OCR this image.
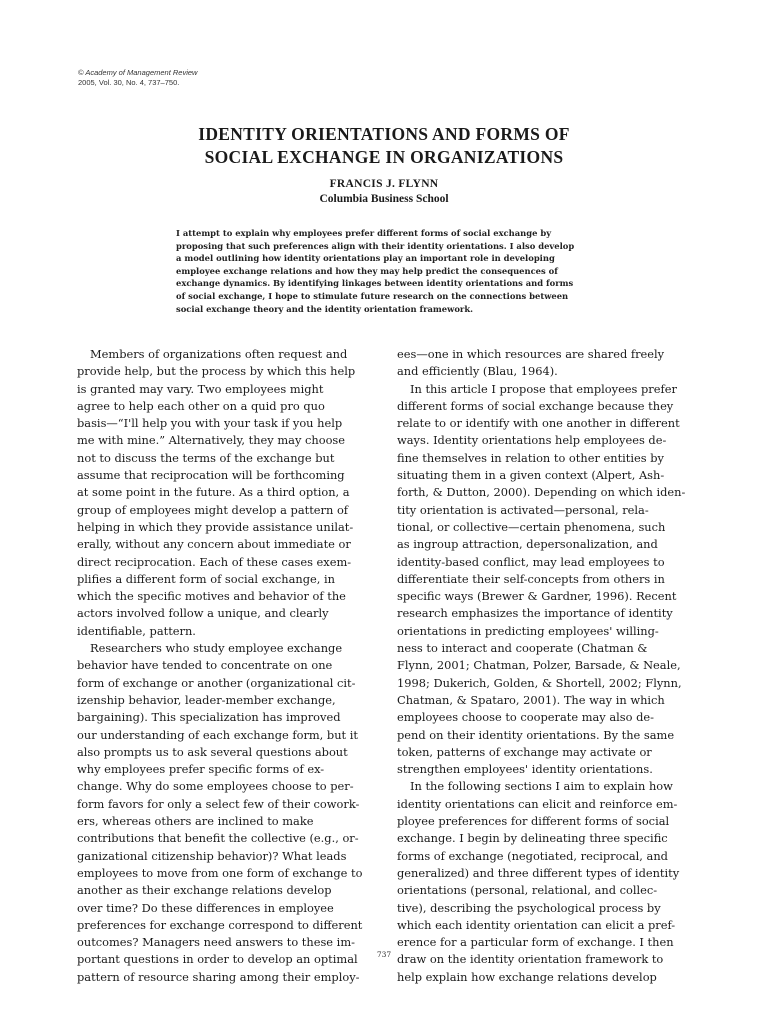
© Academy of Management Review
2005, Vol. 30, No. 4, 737–750.
IDENTITY ORIENTATIONS AND FORMS OF
SOCIAL EXCHANGE IN ORGANIZATIONS
FRANCIS J. FLYNN
Columbia Business School
I attempt to explain why employees prefer different forms of social exchange by
proposing that such preferences align with their identity orientations. I also develop
a model outlining how identity orientations play an important role in developing
employee exchange relations and how they may help predict the consequences of
exchange dynamics. By identifying linkages between identity orientations and forms
of social exchange, I hope to stimulate future research on the connections between
social exchange theory and the identity orientation framework.
Members of organizations often request and
provide help, but the process by which this help
is granted may vary. Two employees might
agree to help each other on a quid pro quo
basis—“I'll help you with your task if you help
me with mine.” Alternatively, they may choose
not to discuss the terms of the exchange but
assume that reciprocation will be forthcoming
at some point in the future. As a third option, a
group of employees might develop a pattern of
helping in which they provide assistance unilat-
erally, without any concern about immediate or
direct reciprocation. Each of these cases exem-
plifies a different form of social exchange, in
which the specific motives and behavior of the
actors involved follow a unique, and clearly
identifiable, pattern.
Researchers who study employee exchange
behavior have tended to concentrate on one
form of exchange or another (organizational cit-
izenship behavior, leader-member exchange,
bargaining). This specialization has improved
our understanding of each exchange form, but it
also prompts us to ask several questions about
why employees prefer specific forms of ex-
change. Why do some employees choose to per-
form favors for only a select few of their cowork-
ers, whereas others are inclined to make
contributions that benefit the collective (e.g., or-
ganizational citizenship behavior)? What leads
employees to move from one form of exchange to
another as their exchange relations develop
over time? Do these differences in employee
preferences for exchange correspond to different
outcomes? Managers need answers to these im-
portant questions in order to develop an optimal
pattern of resource sharing among their employ-
ees—one in which resources are shared freely
and efficiently (Blau, 1964).
In this article I propose that employees prefer
different forms of social exchange because they
relate to or identify with one another in different
ways. Identity orientations help employees de-
fine themselves in relation to other entities by
situating them in a given context (Alpert, Ash-
forth, & Dutton, 2000). Depending on which iden-
tity orientation is activated—personal, rela-
tional, or collective—certain phenomena, such
as ingroup attraction, depersonalization, and
identity-based conflict, may lead employees to
differentiate their self-concepts from others in
specific ways (Brewer & Gardner, 1996). Recent
research emphasizes the importance of identity
orientations in predicting employees' willing-
ness to interact and cooperate (Chatman &
Flynn, 2001; Chatman, Polzer, Barsade, & Neale,
1998; Dukerich, Golden, & Shortell, 2002; Flynn,
Chatman, & Spataro, 2001). The way in which
employees choose to cooperate may also de-
pend on their identity orientations. By the same
token, patterns of exchange may activate or
strengthen employees' identity orientations.
In the following sections I aim to explain how
identity orientations can elicit and reinforce em-
ployee preferences for different forms of social
exchange. I begin by delineating three specific
forms of exchange (negotiated, reciprocal, and
generalized) and three different types of identity
orientations (personal, relational, and collec-
tive), describing the psychological process by
which each identity orientation can elicit a pref-
erence for a particular form of exchange. I then
draw on the identity orientation framework to
help explain how exchange relations develop
737
